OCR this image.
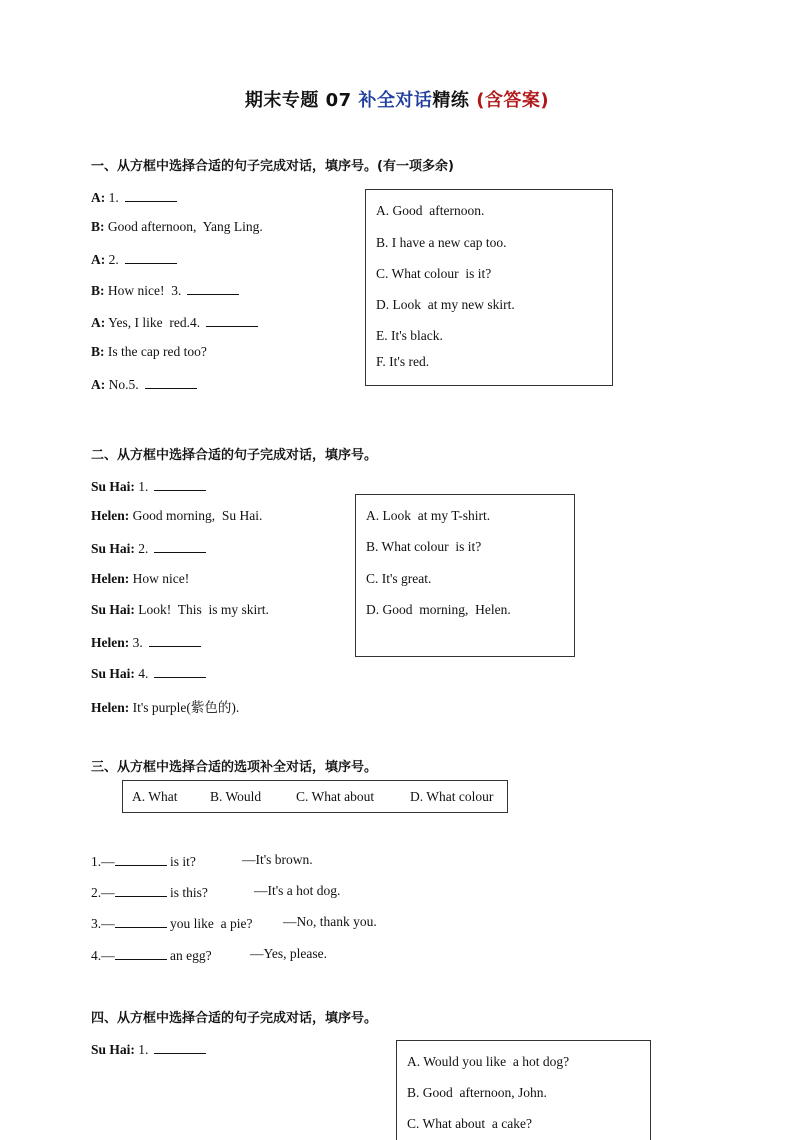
期末专题 07 补全对话精练 (含答案)
一、从方框中选择合适的句子完成对话，填序号。(有一项多余)
A: 1.
B: Good afternoon,  Yang Ling.
A: 2.
B: How nice!  3.
A: Yes, I like  red.4.
B: Is the cap red too?
A: No.5.
A. Good  afternoon.
B. I have a new cap too.
C. What colour  is it?
D. Look  at my new skirt.
E. It's black.
F. It's red.
二、从方框中选择合适的句子完成对话，填序号。
Su Hai: 1.
Helen: Good morning,  Su Hai.
Su Hai: 2.
Helen: How nice!
Su Hai: Look!  This  is my skirt.
Helen: 3.
Su Hai: 4.
Helen: It's purple(紫色的).
A. Look  at my T-shirt.
B. What colour  is it?
C. It's great.
D. Good  morning,  Helen.
三、从方框中选择合适的选项补全对话，填序号。
A. What B. Would	C. What about	D. What colour
1.—	is it?	—It's brown.
2.—	is this?	—It's a hot dog.
3.—	you like  a pie? —No, thank you.
4.—	an egg?	—Yes, please.
四、从方框中选择合适的句子完成对话，填序号。
Su Hai: 1.
A. Would you like  a hot dog?
B. Good  afternoon, John.
C. What about  a cake?
